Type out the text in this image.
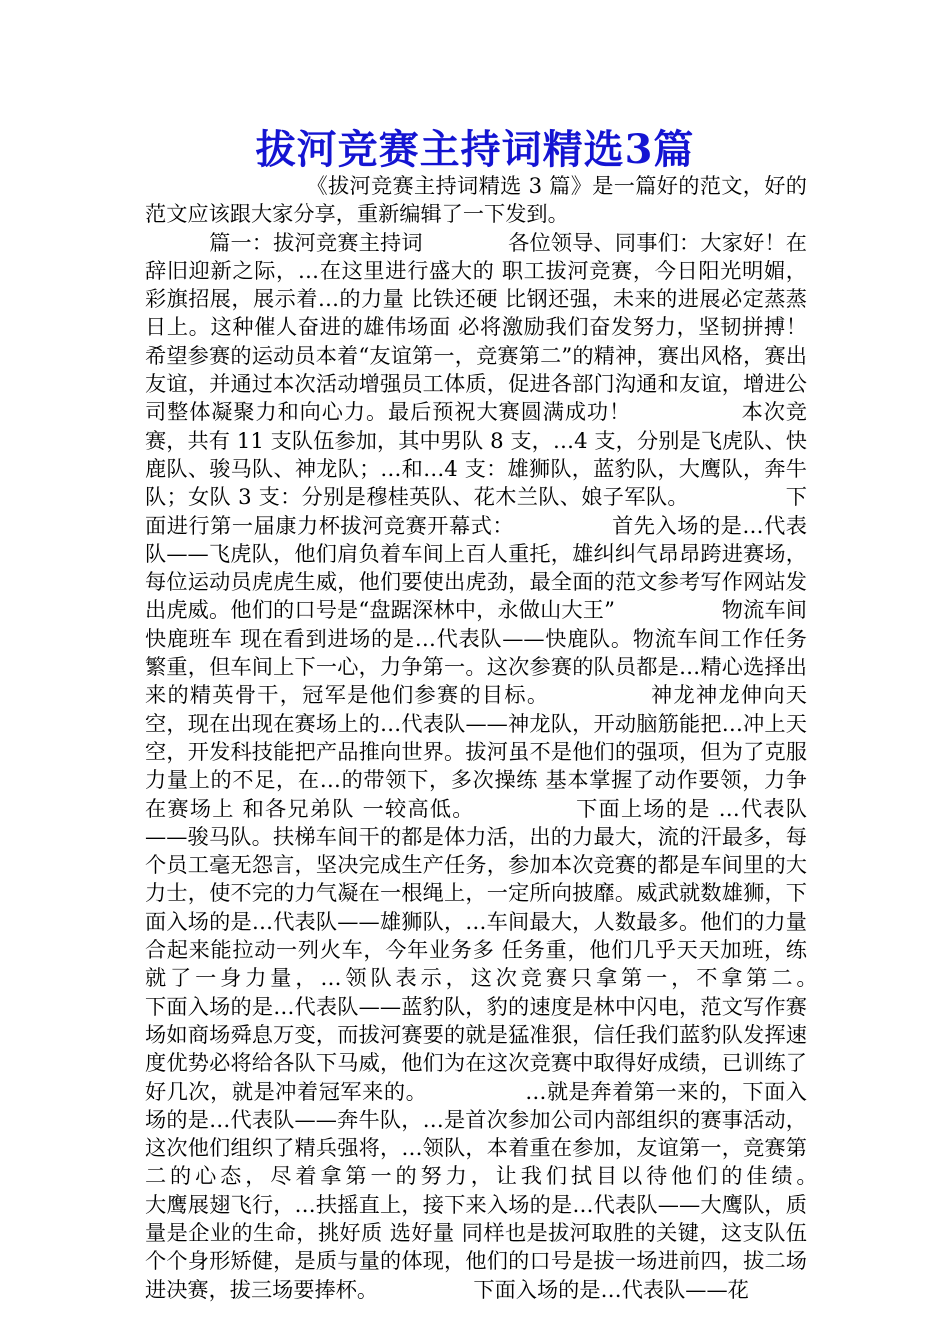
拔河竞赛主持词精选3篇

　　　　　　　　《拔河竞赛主持词精选 3 篇》是一篇好的范文，好的范文应该跟大家分享，重新编辑了一下发到。
　　　篇一：拔河竞赛主持词　　　　各位领导、同事们：大家好！在辞旧迎新之际，…在这里进行盛大的 职工拔河竞赛，今日阳光明媚，彩旗招展，展示着…的力量 比铁还硬 比钢还强，未来的进展必定蒸蒸日上。这种催人奋进的雄伟场面 必将激励我们奋发努力，坚韧拼搏！希望参赛的运动员本着“友谊第一，竞赛第二”的精神，赛出风格，赛出友谊，并通过本次活动增强员工体质，促进各部门沟通和友谊，增进公司整体凝聚力和向心力。最后预祝大赛圆满成功！　　　　　本次竞赛，共有 11 支队伍参加，其中男队 8 支，…4 支，分别是飞虎队、快鹿队、骏马队、神龙队；…和…4 支：雄狮队，蓝豹队，大鹰队，奔牛队；女队 3 支：分别是穆桂英队、花木兰队、娘子军队。　　　　　下面进行第一届康力杯拔河竞赛开幕式：　　　　　首先入场的是…代表队——飞虎队，他们肩负着车间上百人重托，雄纠纠气昂昂跨进赛场，每位运动员虎虎生威，他们要使出虎劲，最全面的范文参考写作网站发出虎威。他们的口号是“盘踞深林中，永做山大王”　　　　　物流车间 快鹿班车 现在看到进场的是…代表队——快鹿队。物流车间工作任务繁重，但车间上下一心，力争第一。这次参赛的队员都是…精心选择出来的精英骨干，冠军是他们参赛的目标。　　　　　神龙神龙伸向天空，现在出现在赛场上的…代表队——神龙队，开动脑筋能把…冲上天空，开发科技能把产品推向世界。拔河虽不是他们的强项，但为了克服力量上的不足，在…的带领下，多次操练 基本掌握了动作要领，力争在赛场上 和各兄弟队 一较高低。　　　　　下面上场的是 …代表队——骏马队。扶梯车间干的都是体力活，出的力最大，流的汗最多，每个员工毫无怨言，坚决完成生产任务，参加本次竞赛的都是车间里的大力士，使不完的力气凝在一根绳上，一定所向披靡。威武就数雄狮，下面入场的是…代表队——雄狮队，…车间最大，人数最多。他们的力量合起来能拉动一列火车，今年业务多 任务重，他们几乎天天加班，练就了一身力量，…领队表示，这次竞赛只拿第一，不拿第二。　　　　　下面入场的是…代表队——蓝豹队，豹的速度是林中闪电，范文写作赛场如商场舜息万变，而拔河赛要的就是猛准狠，信任我们蓝豹队发挥速度优势必将给各队下马威，他们为在这次竞赛中取得好成绩，已训练了好几次，就是冲着冠军来的。　　　　　…就是奔着第一来的，下面入场的是…代表队——奔牛队，…是首次参加公司内部组织的赛事活动，这次他们组织了精兵强将，…领队，本着重在参加，友谊第一，竞赛第二的心态，尽着拿第一的努力，让我们拭目以待他们的佳绩。　　　　　大鹰展翅飞行，…扶摇直上，接下来入场的是…代表队——大鹰队，质量是企业的生命，挑好质 选好量 同样也是拔河取胜的关键，这支队伍个个身形矫健，是质与量的体现，他们的口号是拔一场进前四，拔二场进决赛，拔三场要捧杯。　　　　　下面入场的是…代表队——花
